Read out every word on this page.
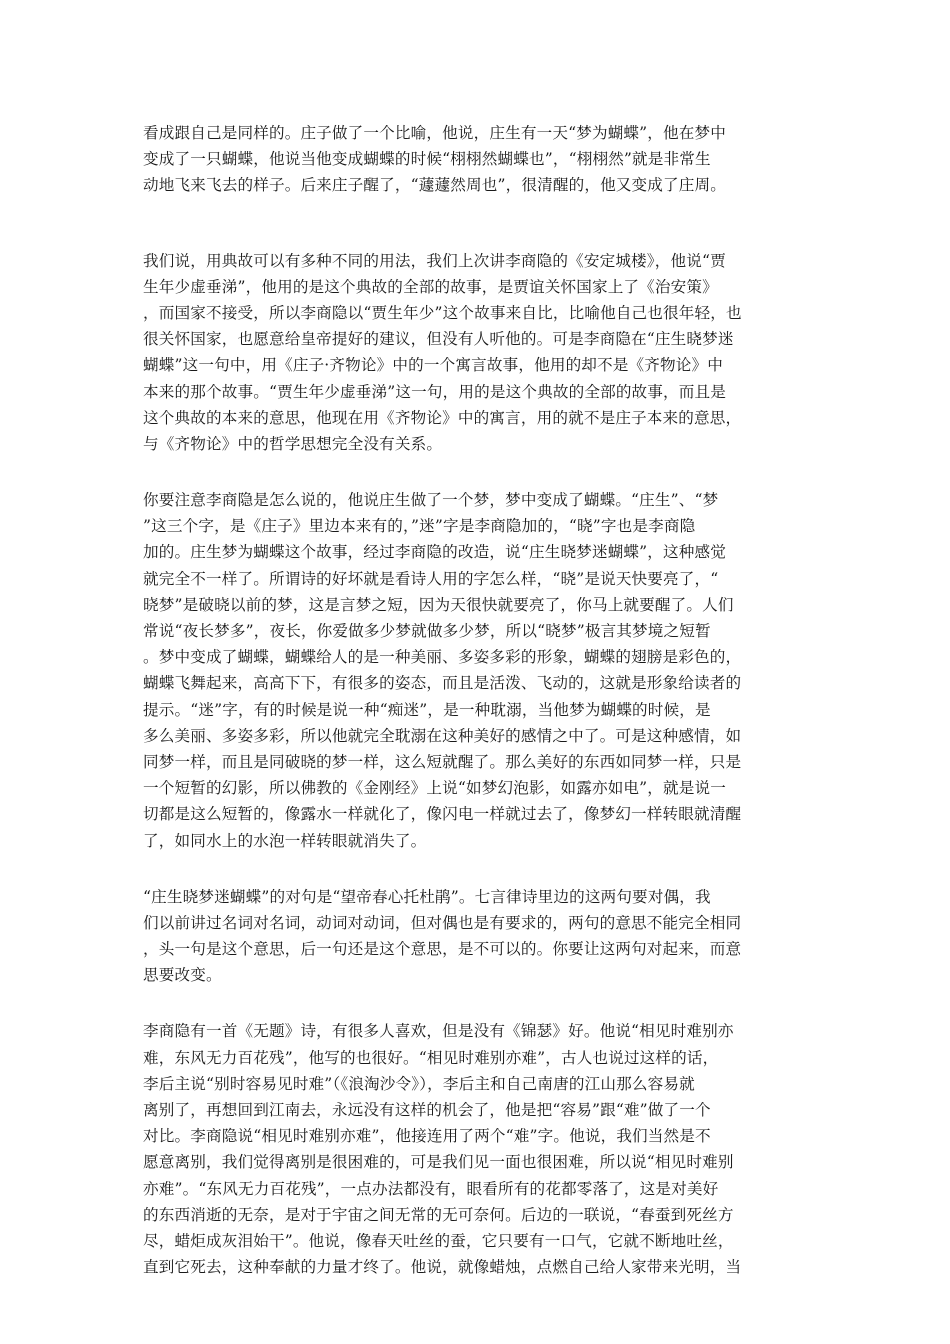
看成跟自己是同样的。庄子做了一个比喻，他说，庄生有一天“梦为蝴蝶”，他在梦中
变成了一只蝴蝶，他说当他变成蝴蝶的时候“栩栩然蝴蝶也”，“栩栩然”就是非常生
动地飞来飞去的样子。后来庄子醒了，“蘧蘧然周也”，很清醒的，他又变成了庄周。
我们说，用典故可以有多种不同的用法，我们上次讲李商隐的《安定城楼》，他说“贾
生年少虚垂涕”，他用的是这个典故的全部的故事，是贾谊关怀国家上了《治安策》
，而国家不接受，所以李商隐以“贾生年少”这个故事来自比，比喻他自己也很年轻，也
很关怀国家，也愿意给皇帝提好的建议，但没有人听他的。可是李商隐在“庄生晓梦迷
蝴蝶”这一句中，用《庄子·齐物论》中的一个寓言故事，他用的却不是《齐物论》中
本来的那个故事。“贾生年少虚垂涕”这一句，用的是这个典故的全部的故事，而且是
这个典故的本来的意思，他现在用《齐物论》中的寓言，用的就不是庄子本来的意思，
与《齐物论》中的哲学思想完全没有关系。
你要注意李商隐是怎么说的，他说庄生做了一个梦，梦中变成了蝴蝶。“庄生”、“梦
”这三个字，是《庄子》里边本来有的，”迷”字是李商隐加的，“晓”字也是李商隐
加的。庄生梦为蝴蝶这个故事，经过李商隐的改造，说“庄生晓梦迷蝴蝶”，这种感觉
就完全不一样了。所谓诗的好坏就是看诗人用的字怎么样，“晓”是说天快要亮了，“
晓梦”是破晓以前的梦，这是言梦之短，因为天很快就要亮了，你马上就要醒了。人们
常说“夜长梦多”，夜长，你爱做多少梦就做多少梦，所以“晓梦”极言其梦境之短暂
。梦中变成了蝴蝶，蝴蝶给人的是一种美丽、多姿多彩的形象，蝴蝶的翅膀是彩色的，
蝴蝶飞舞起来，高高下下，有很多的姿态，而且是活泼、飞动的，这就是形象给读者的
提示。“迷”字，有的时候是说一种“痴迷”，是一种耽溺，当他梦为蝴蝶的时候，是
多么美丽、多姿多彩，所以他就完全耽溺在这种美好的感情之中了。可是这种感情，如
同梦一样，而且是同破晓的梦一样，这么短就醒了。那么美好的东西如同梦一样，只是
一个短暂的幻影，所以佛教的《金刚经》上说“如梦幻泡影，如露亦如电”，就是说一
切都是这么短暂的，像露水一样就化了，像闪电一样就过去了，像梦幻一样转眼就清醒
了，如同水上的水泡一样转眼就消失了。
“庄生晓梦迷蝴蝶”的对句是“望帝春心托杜鹃”。七言律诗里边的这两句要对偶，我
们以前讲过名词对名词，动词对动词，但对偶也是有要求的，两句的意思不能完全相同
，头一句是这个意思，后一句还是这个意思，是不可以的。你要让这两句对起来，而意
思要改变。
李商隐有一首《无题》诗，有很多人喜欢，但是没有《锦瑟》好。他说“相见时难别亦
难，东风无力百花残”，他写的也很好。“相见时难别亦难”，古人也说过这样的话，
李后主说“别时容易见时难”（《浪淘沙令》），李后主和自己南唐的江山那么容易就
离别了，再想回到江南去，永远没有这样的机会了，他是把“容易”跟“难”做了一个
对比。李商隐说“相见时难别亦难”，他接连用了两个“难”字。他说，我们当然是不
愿意离别，我们觉得离别是很困难的，可是我们见一面也很困难，所以说“相见时难别
亦难”。“东风无力百花残”，一点办法都没有，眼看所有的花都零落了，这是对美好
的东西消逝的无奈，是对于宇宙之间无常的无可奈何。后边的一联说，“春蚕到死丝方
尽，蜡炬成灰泪始干”。他说，像春天吐丝的蚕，它只要有一口气，它就不断地吐丝，
直到它死去，这种奉献的力量才终了。他说，就像蜡烛，点燃自己给人家带来光明，当
